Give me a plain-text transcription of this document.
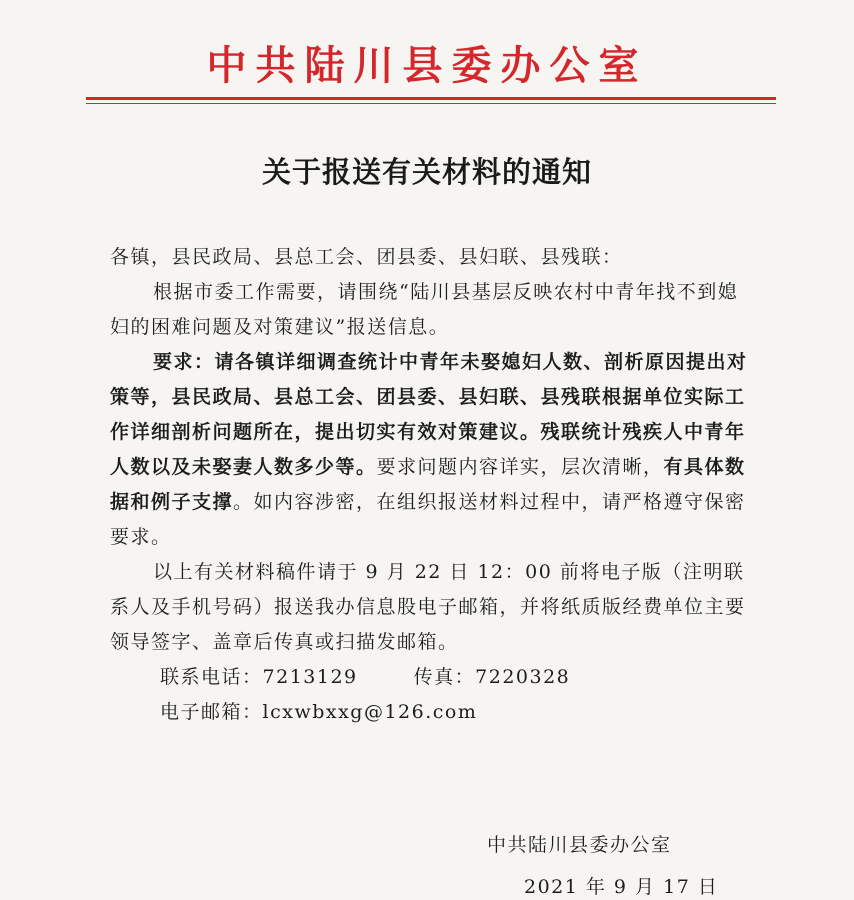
中共陆川县委办公室
关于报送有关材料的通知

各镇，县民政局、县总工会、团县委、县妇联、县残联：

根据市委工作需要，请围绕“陆川县基层反映农村中青年找不到媳妇的困难问题及对策建议”报送信息。

要求：请各镇详细调查统计中青年未娶媳妇人数、剖析原因提出对策等，县民政局、县总工会、团县委、县妇联、县残联根据单位实际工作详细剖析问题所在，提出切实有效对策建议。残联统计残疾人中青年人数以及未娶妻人数多少等。要求问题内容详实，层次清晰，有具体数据和例子支撑。如内容涉密，在组织报送材料过程中，请严格遵守保密要求。

以上有关材料稿件请于 9 月 22 日 12：00 前将电子版（注明联系人及手机号码）报送我办信息股电子邮箱，并将纸质版经费单位主要领导签字、盖章后传真或扫描发邮箱。

联系电话：7213129	传真：7220328

电子邮箱：lcxwbxxg@126.com

中共陆川县委办公室
2021 年 9 月 17 日
